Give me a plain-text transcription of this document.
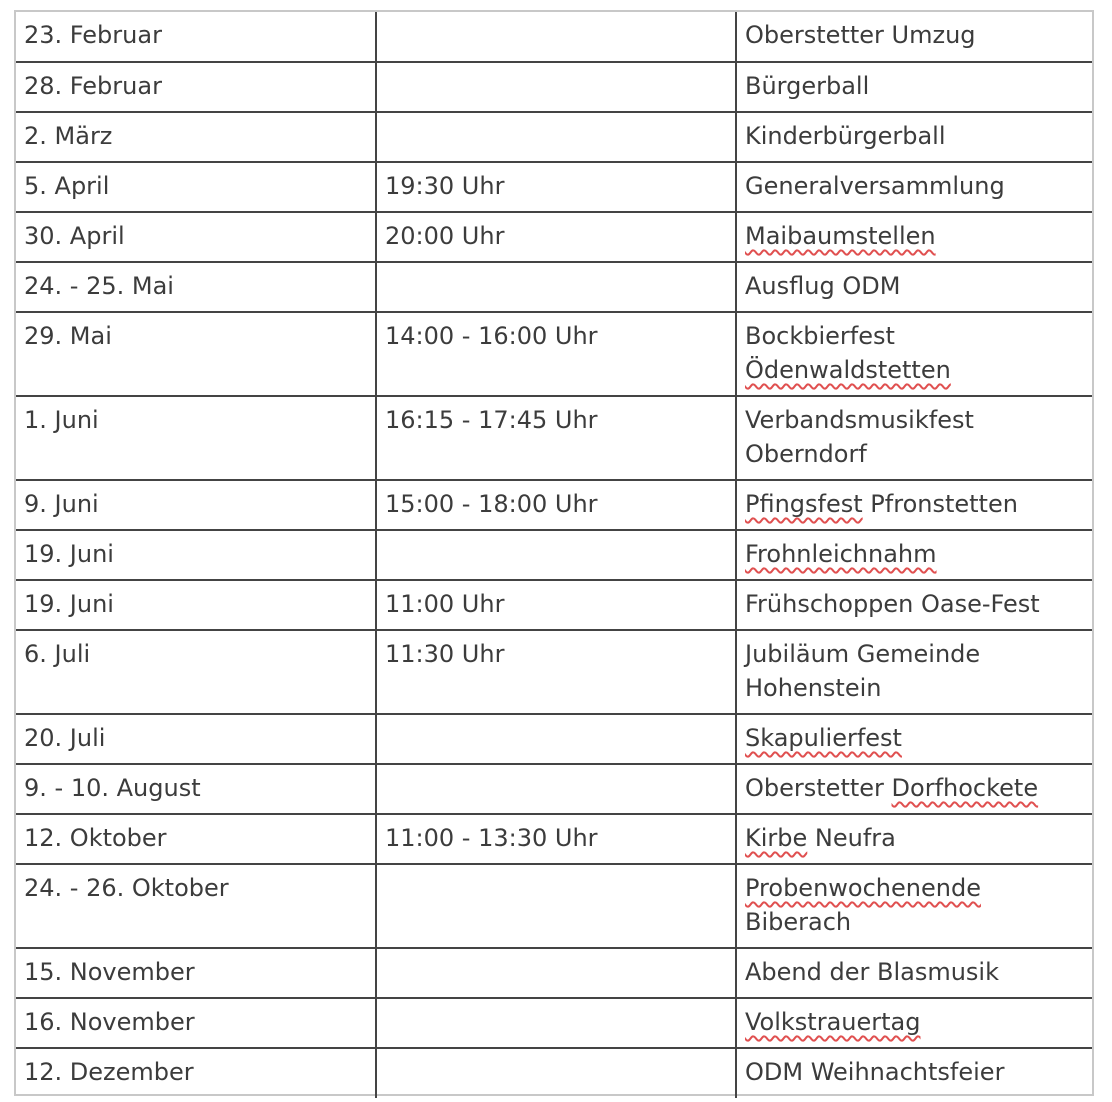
23. Februar		Oberstetter Umzug
28. Februar		Bürgerball
2. März		Kinderbürgerball
5. April	19:30 Uhr	Generalversammlung
30. April	20:00 Uhr	Maibaumstellen
24. - 25. Mai		Ausflug ODM
29. Mai	14:00 - 16:00 Uhr	Bockbierfest
Ödenwaldstetten
1. Juni	16:15 - 17:45 Uhr	Verbandsmusikfest
Oberndorf
9. Juni	15:00 - 18:00 Uhr	Pfingsfest Pfronstetten
19. Juni		Frohnleichnahm
19. Juni	11:00 Uhr	Frühschoppen Oase-Fest
6. Juli	11:30 Uhr	Jubiläum Gemeinde
Hohenstein
20. Juli		Skapulierfest
9. - 10. August		Oberstetter Dorfhockete
12. Oktober	11:00 - 13:30 Uhr	Kirbe Neufra
24. - 26. Oktober		Probenwochenende
Biberach
15. November		Abend der Blasmusik
16. November		Volkstrauertag
12. Dezember		ODM Weihnachtsfeier
